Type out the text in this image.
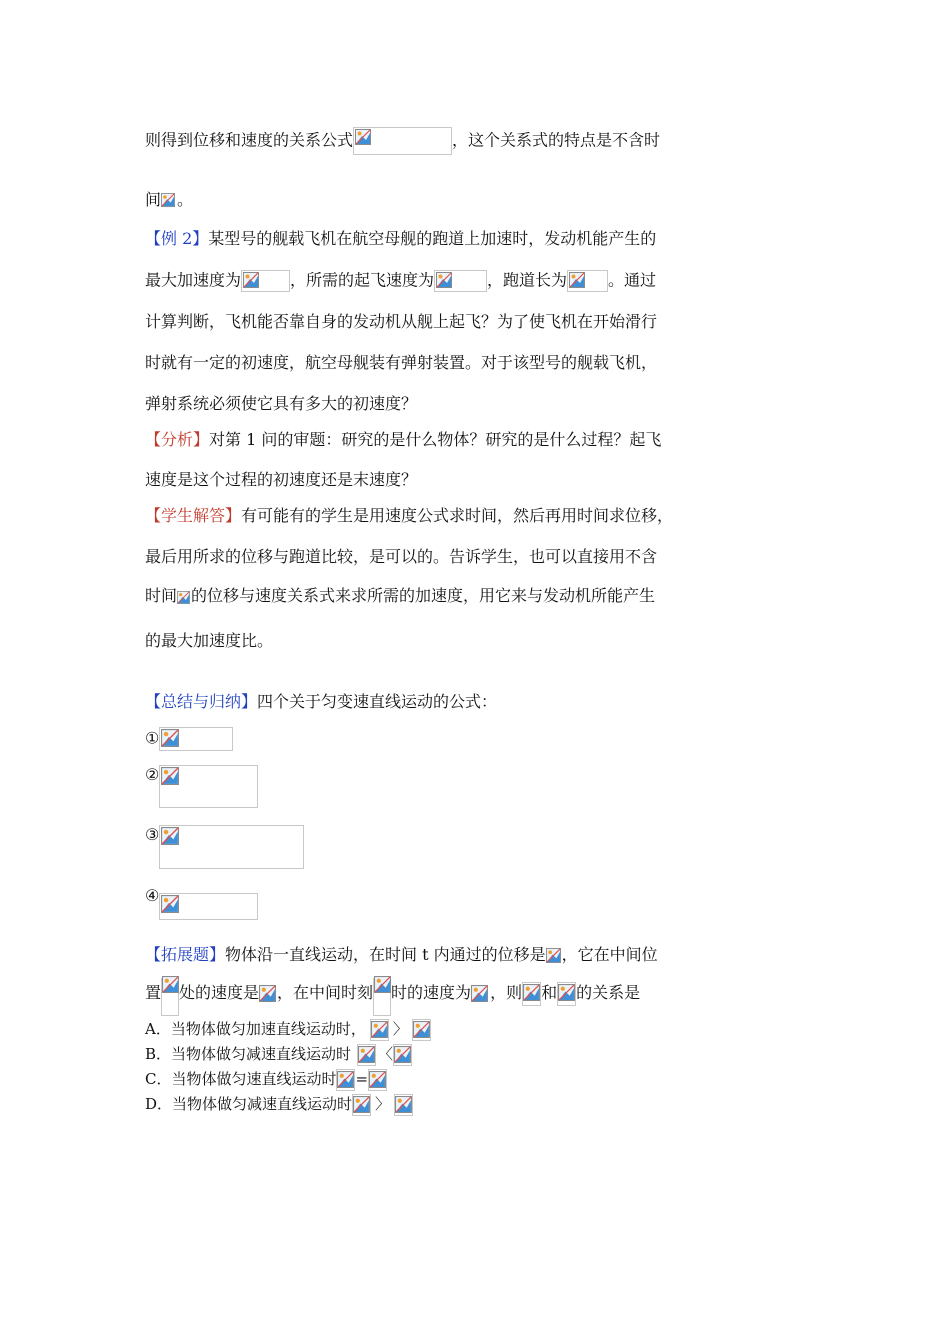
则得到位移和速度的关系公式	，这个关系式的特点是不含时
间 。
【例 2】某型号的舰载飞机在航空母舰的跑道上加速时，发动机能产生的
最大加速度为	，所需的起飞速度为	，跑道长为	。通过
计算判断，飞机能否靠自身的发动机从舰上起飞？为了使飞机在开始滑行
时就有一定的初速度，航空母舰装有弹射装置。对于该型号的舰载飞机，
弹射系统必须使它具有多大的初速度？
【分析】对第 1 问的审题：研究的是什么物体？研究的是什么过程？起飞
速度是这个过程的初速度还是末速度？
【学生解答】有可能有的学生是用速度公式求时间，然后再用时间求位移，
最后用所求的位移与跑道比较，是可以的。告诉学生，也可以直接用不含
时间 的位移与速度关系式来求所需的加速度，用它来与发动机所能产生
的最大加速度比。
【总结与归纳】四个关于匀变速直线运动的公式：
①
②
③
④
【拓展题】物体沿一直线运动，在时间 t 内通过的位移是 ，它在中间位
置 处的速度是 ，在中间时刻 时的速度为 ，则 和 的关系是
A．当物体做匀加速直线运动时， 〉
B．当物体做匀减速直线运动时 〈
C．当物体做匀速直线运动时 =
D．当物体做匀减速直线运动时 〉
